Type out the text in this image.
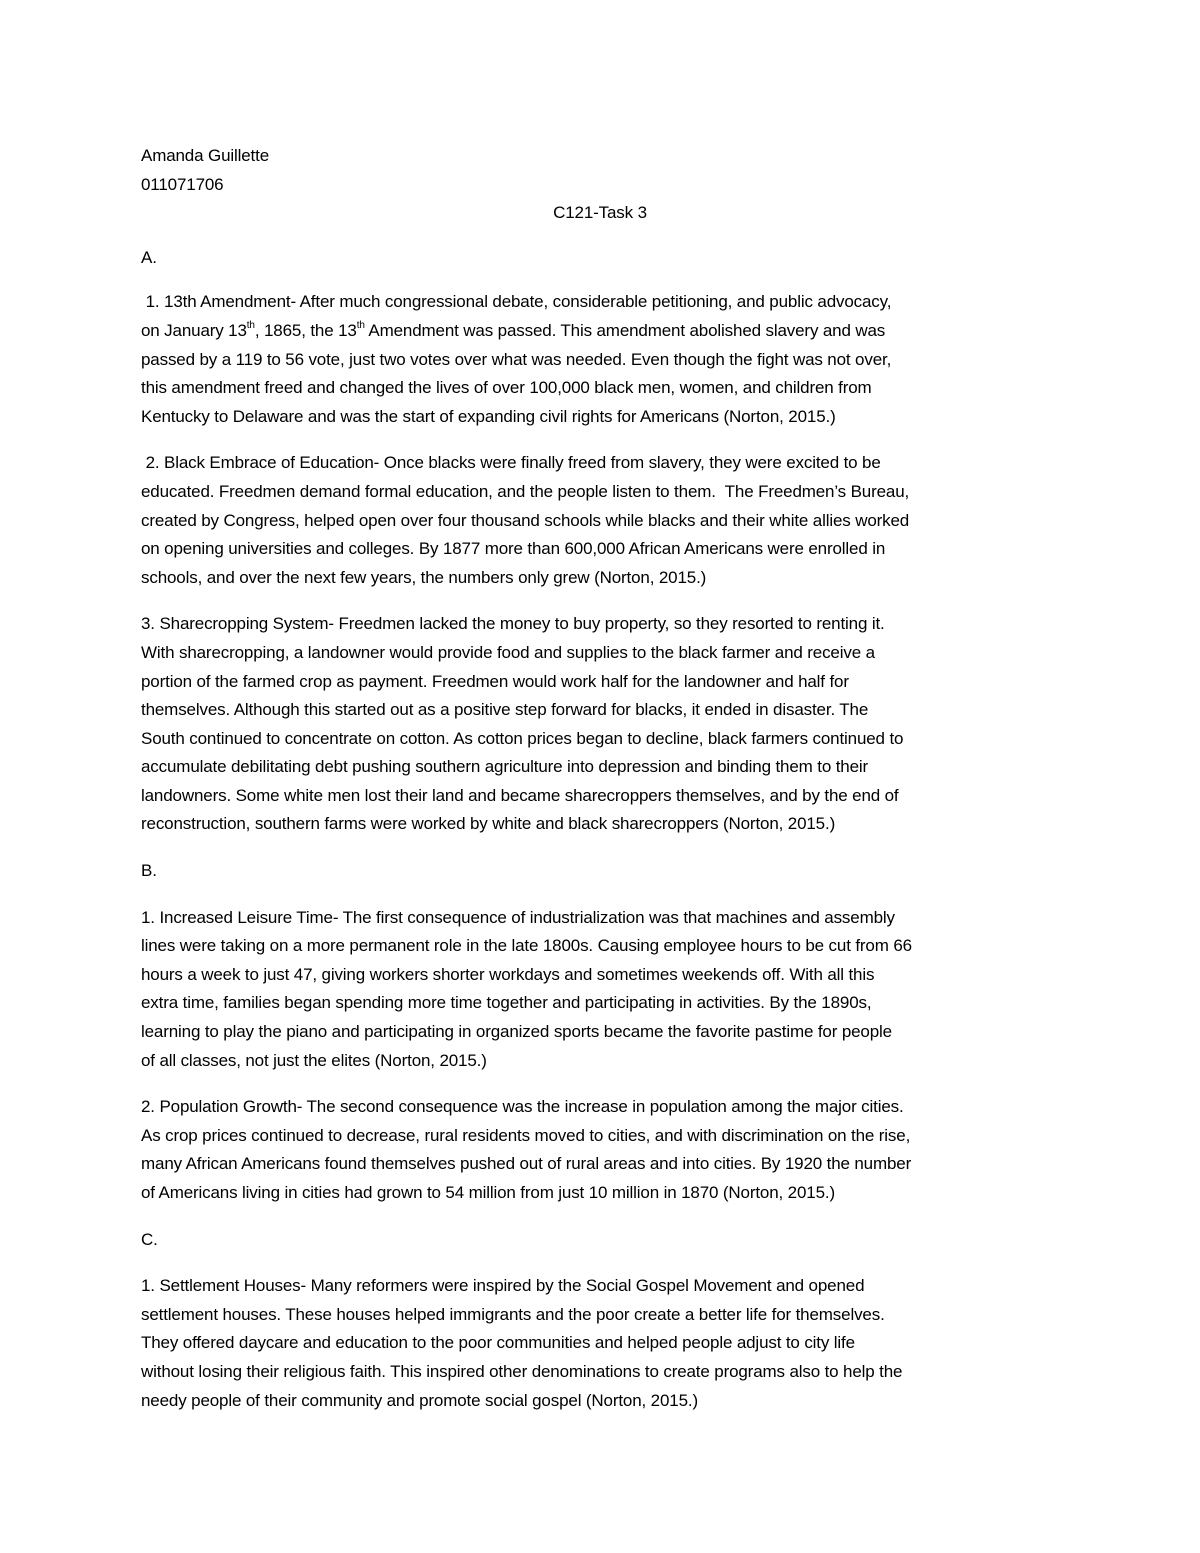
Amanda Guillette

011071706

C121-Task 3

A.

1. 13th Amendment- After much congressional debate, considerable petitioning, and public advocacy,

on January 13th, 1865, the 13th Amendment was passed. This amendment abolished slavery and was

passed by a 119 to 56 vote, just two votes over what was needed. Even though the fight was not over,

this amendment freed and changed the lives of over 100,000 black men, women, and children from

Kentucky to Delaware and was the start of expanding civil rights for Americans (Norton, 2015.)

2. Black Embrace of Education- Once blacks were finally freed from slavery, they were excited to be

educated. Freedmen demand formal education, and the people listen to them.  The Freedmen’s Bureau,

created by Congress, helped open over four thousand schools while blacks and their white allies worked

on opening universities and colleges. By 1877 more than 600,000 African Americans were enrolled in

schools, and over the next few years, the numbers only grew (Norton, 2015.)

3. Sharecropping System- Freedmen lacked the money to buy property, so they resorted to renting it.

With sharecropping, a landowner would provide food and supplies to the black farmer and receive a

portion of the farmed crop as payment. Freedmen would work half for the landowner and half for

themselves. Although this started out as a positive step forward for blacks, it ended in disaster. The

South continued to concentrate on cotton. As cotton prices began to decline, black farmers continued to

accumulate debilitating debt pushing southern agriculture into depression and binding them to their

landowners. Some white men lost their land and became sharecroppers themselves, and by the end of

reconstruction, southern farms were worked by white and black sharecroppers (Norton, 2015.)

B.

1. Increased Leisure Time- The first consequence of industrialization was that machines and assembly

lines were taking on a more permanent role in the late 1800s. Causing employee hours to be cut from 66

hours a week to just 47, giving workers shorter workdays and sometimes weekends off. With all this

extra time, families began spending more time together and participating in activities. By the 1890s,

learning to play the piano and participating in organized sports became the favorite pastime for people

of all classes, not just the elites (Norton, 2015.)

2. Population Growth- The second consequence was the increase in population among the major cities.

As crop prices continued to decrease, rural residents moved to cities, and with discrimination on the rise,

many African Americans found themselves pushed out of rural areas and into cities. By 1920 the number

of Americans living in cities had grown to 54 million from just 10 million in 1870 (Norton, 2015.)

C.

1. Settlement Houses- Many reformers were inspired by the Social Gospel Movement and opened

settlement houses. These houses helped immigrants and the poor create a better life for themselves.

They offered daycare and education to the poor communities and helped people adjust to city life

without losing their religious faith. This inspired other denominations to create programs also to help the

needy people of their community and promote social gospel (Norton, 2015.)
